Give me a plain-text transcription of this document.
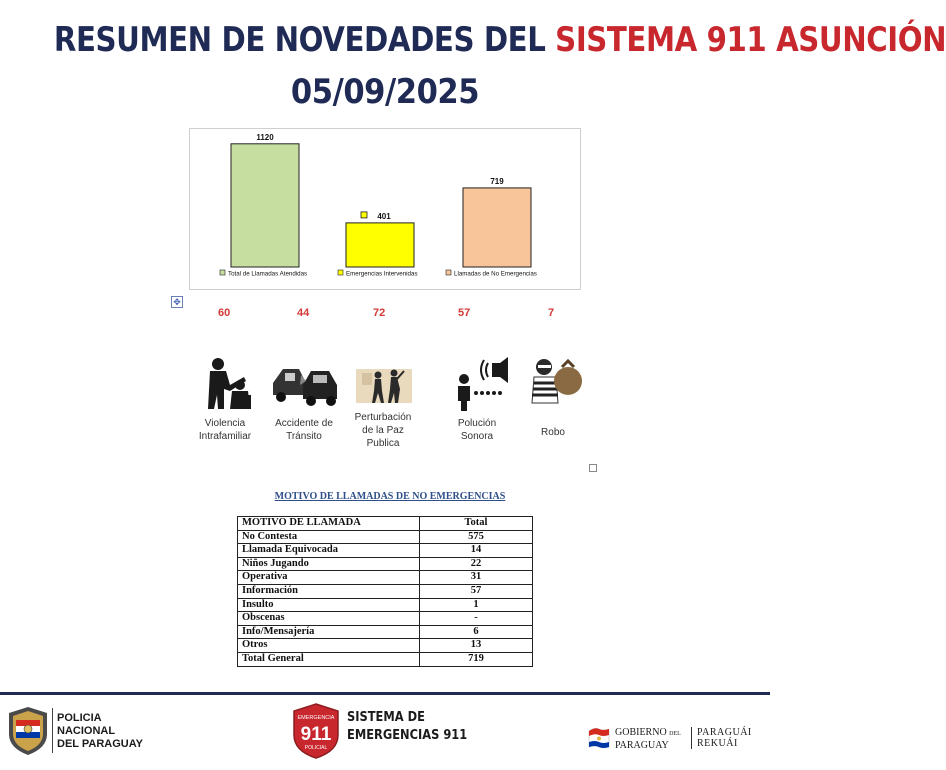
RESUMEN DE NOVEDADES DEL SISTEMA 911 ASUNCIÓN
05/09/2025
1120
401
719
Total de Llamadas Atendidas	Emergencias Intervenidas	Llamadas de No Emergencias
✥
60	44	72	57	7
Violencia
Intrafamiliar
Accidente de
Tránsito
Perturbación
de la Paz
Publica
Polución
Sonora	Robo
MOTIVO DE LLAMADAS DE NO EMERGENCIAS
MOTIVO DE LLAMADA	Total
No Contesta	575
Llamada Equivocada	14
Niños Jugando	22
Operativa	31
Información	57
Insulto	1
Obscenas	-
Info/Mensajería	6
Otros	13
Total General	719
POLICIA
NACIONAL
DEL PARAGUAY
EMERGENCIA
911
POLICIAL
SISTEMA DE
EMERGENCIAS 911	GOBIERNO DEL
PARAGUAY
PARAGUÁI
REKUÁI
